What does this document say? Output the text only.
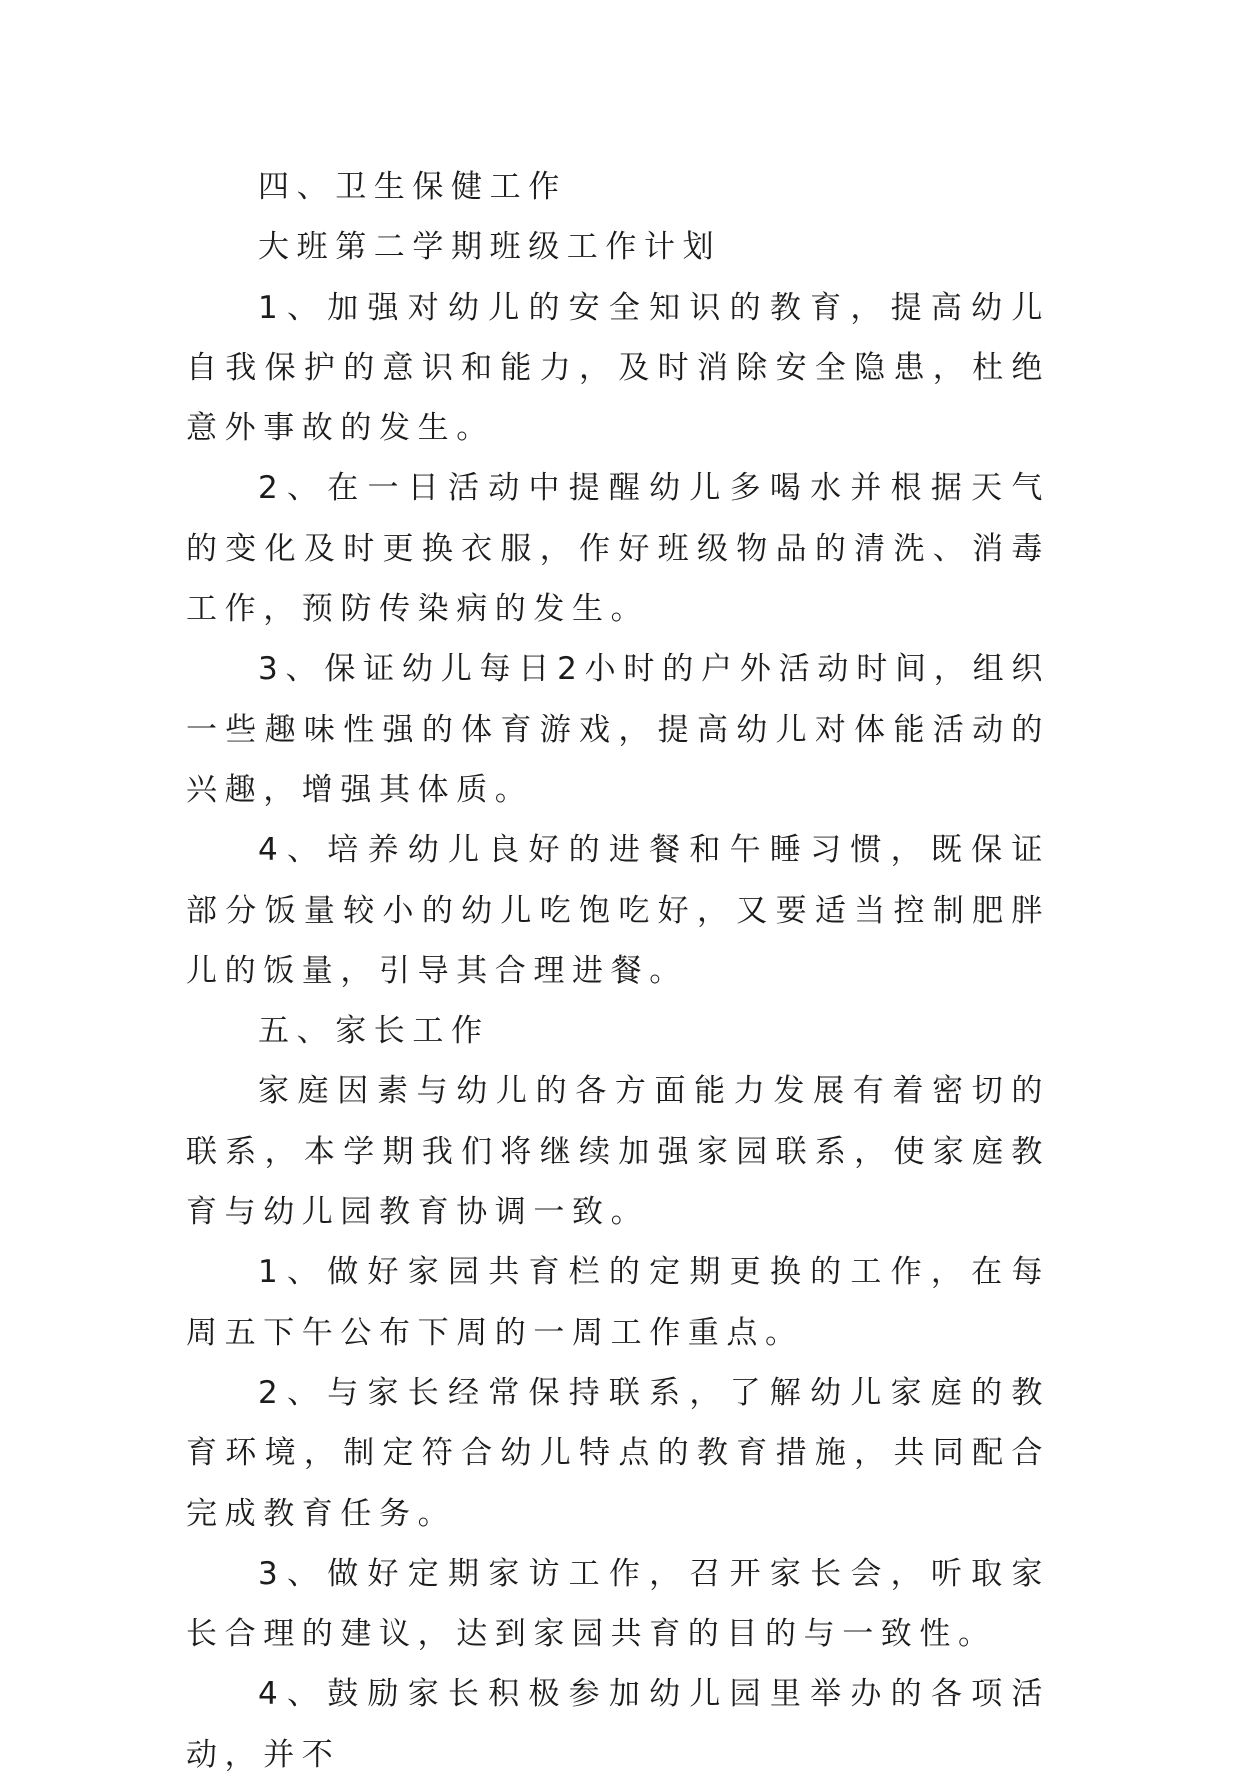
四、卫生保健工作

大班第二学期班级工作计划

1、加强对幼儿的安全知识的教育，提高幼儿自我保护的意识和能力，及时消除安全隐患，杜绝意外事故的发生。

2、在一日活动中提醒幼儿多喝水并根据天气的变化及时更换衣服，作好班级物品的清洗、消毒工作，预防传染病的发生。

3、保证幼儿每日2小时的户外活动时间，组织一些趣味性强的体育游戏，提高幼儿对体能活动的兴趣，增强其体质。

4、培养幼儿良好的进餐和午睡习惯，既保证部分饭量较小的幼儿吃饱吃好，又要适当控制肥胖儿的饭量，引导其合理进餐。

五、家长工作

家庭因素与幼儿的各方面能力发展有着密切的联系，本学期我们将继续加强家园联系，使家庭教育与幼儿园教育协调一致。

1、做好家园共育栏的定期更换的工作，在每周五下午公布下周的一周工作重点。

2、与家长经常保持联系，了解幼儿家庭的教育环境，制定符合幼儿特点的教育措施，共同配合完成教育任务。

3、做好定期家访工作，召开家长会，听取家长合理的建议，达到家园共育的目的与一致性。

4、鼓励家长积极参加幼儿园里举办的各项活动，并不
